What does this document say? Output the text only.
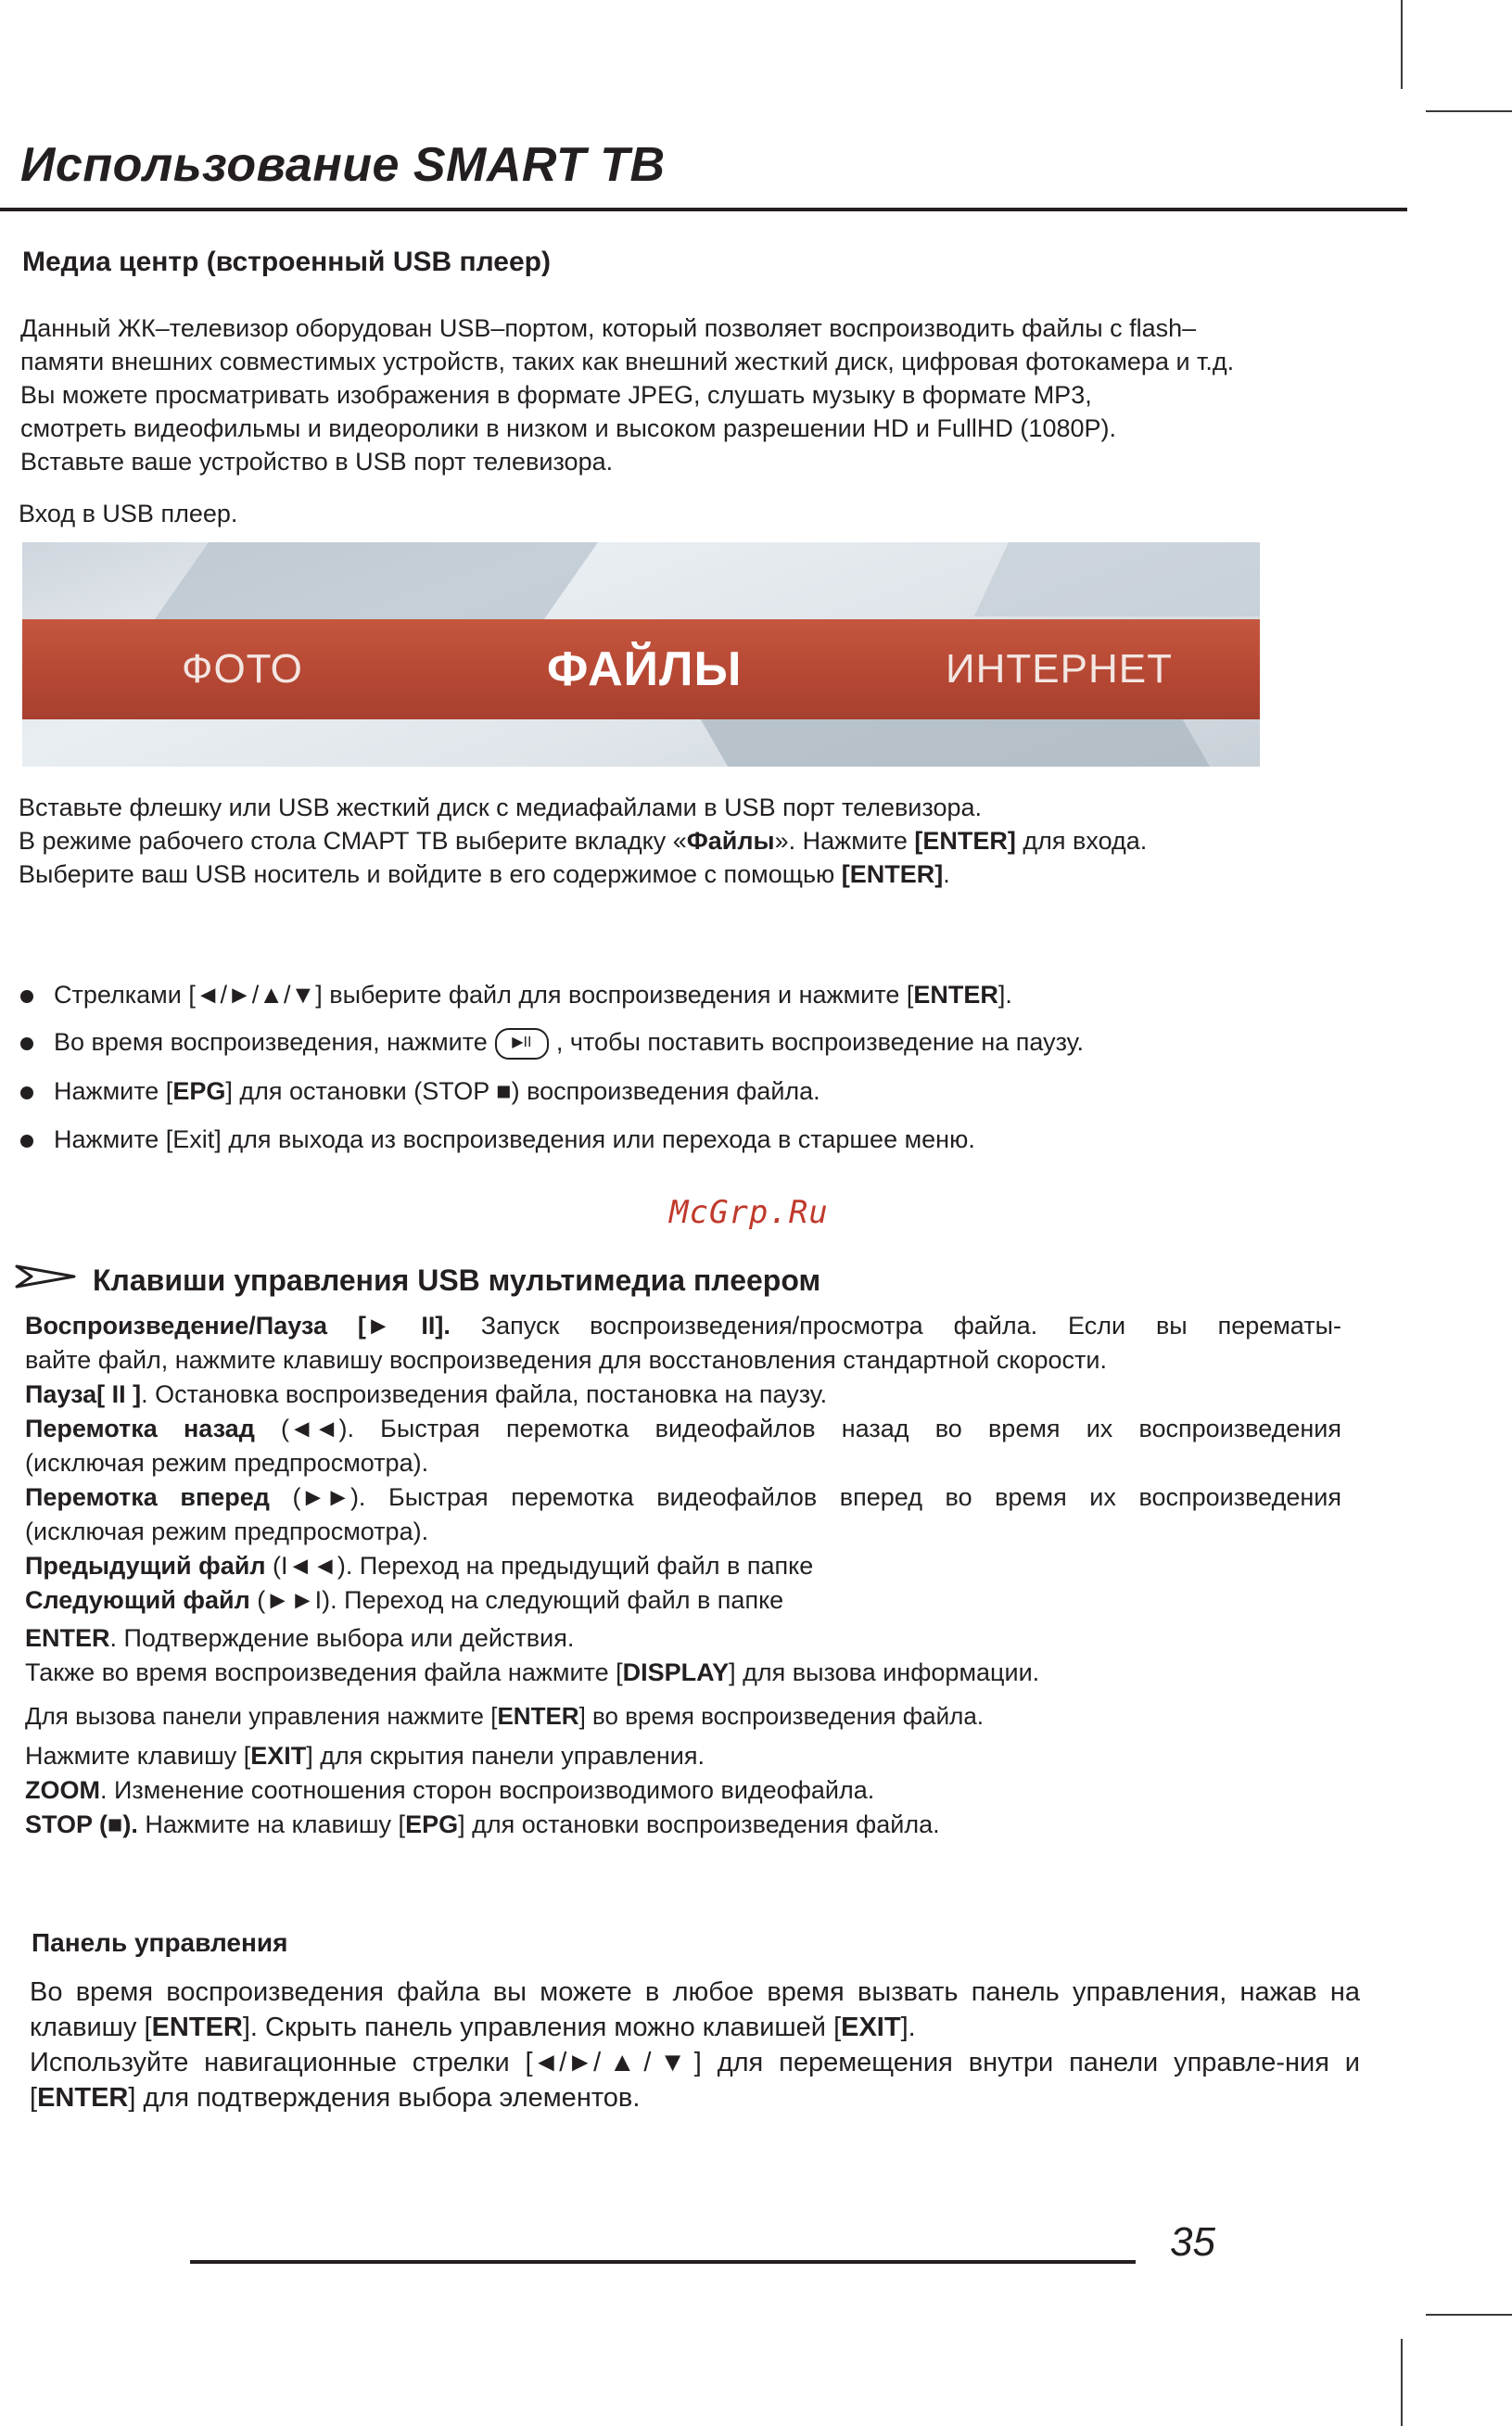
Использование SMART ТВ
Медиа центр (встроенный USB плеер)

Данный ЖК–телевизор оборудован USB–портом, который позволяет воспроизводить файлы с flash–

памяти внешних совместимых устройств, таких как внешний жесткий диск, цифровая фотокамера и т.д.

Вы можете просматривать изображения в формате JPEG, слушать музыку в формате MP3,

смотреть видеофильмы и видеоролики в низком и высоком разрешении HD и FullHD (1080P).

Вставьте ваше устройство в USB порт телевизора.

Вход в USB плеер.
ФОТО	ФАЙЛЫ	ИНТЕРНЕТ

Вставьте флешку или USB жесткий диск с медиафайлами в USB порт телевизора.

В режиме рабочего стола СМАРТ ТВ выберите вкладку «Файлы». Нажмите [ENTER] для входа.

Выберите ваш USB носитель и войдите в его содержимое с помощью [ENTER].

Стрелками [◄/►/▲/▼] выберите файл для воспроизведения и нажмите [ENTER].
Во время воспроизведения, нажмите ▶II , чтобы поставить воспроизведение на паузу.
Нажмите [EPG] для остановки (STOP ■) воспроизведения файла.
Нажмите [Exit] для выхода из воспроизведения или перехода в старшее меню.
McGrp.Ru
Клавиши управления USB мультимедиа плеером

Воспроизведение/Пауза [► II]. Запуск воспроизведения/просмотра файла. Если вы перематы-

вайте файл, нажмите клавишу воспроизведения для восстановления стандартной скорости.

Пауза[ II ]. Остановка воспроизведения файла, постановка на паузу.

Перемотка назад (◄◄). Быстрая перемотка видеофайлов назад во время их воспроизведения

(исключая режим предпросмотра).

Перемотка вперед (►►). Быстрая перемотка видеофайлов вперед во время их воспроизведения

(исключая режим предпросмотра).

Предыдущий файл (I◄◄). Переход на предыдущий файл в папке

Следующий файл (►►I). Переход на следующий файл в папке

ENTER. Подтверждение выбора или действия.

Также во время воспроизведения файла нажмите [DISPLAY] для вызова информации.

Для вызова панели управления нажмите [ENTER] во время воспроизведения файла.

Нажмите клавишу [EXIT] для скрытия панели управления.

ZOOM. Изменение соотношения сторон воспроизводимого видеофайла.

STOP (■). Нажмите на клавишу [EPG] для остановки воспроизведения файла.

Панель управления

Во время воспроизведения файла вы можете в любое время вызвать панель управления, нажав на клавишу [ENTER]. Скрыть панель управления можно клавишей [EXIT].

Используйте навигационные стрелки [◄/►/▲/▼] для перемещения внутри панели управле-ния и [ENTER] для подтверждения выбора элементов.

35
